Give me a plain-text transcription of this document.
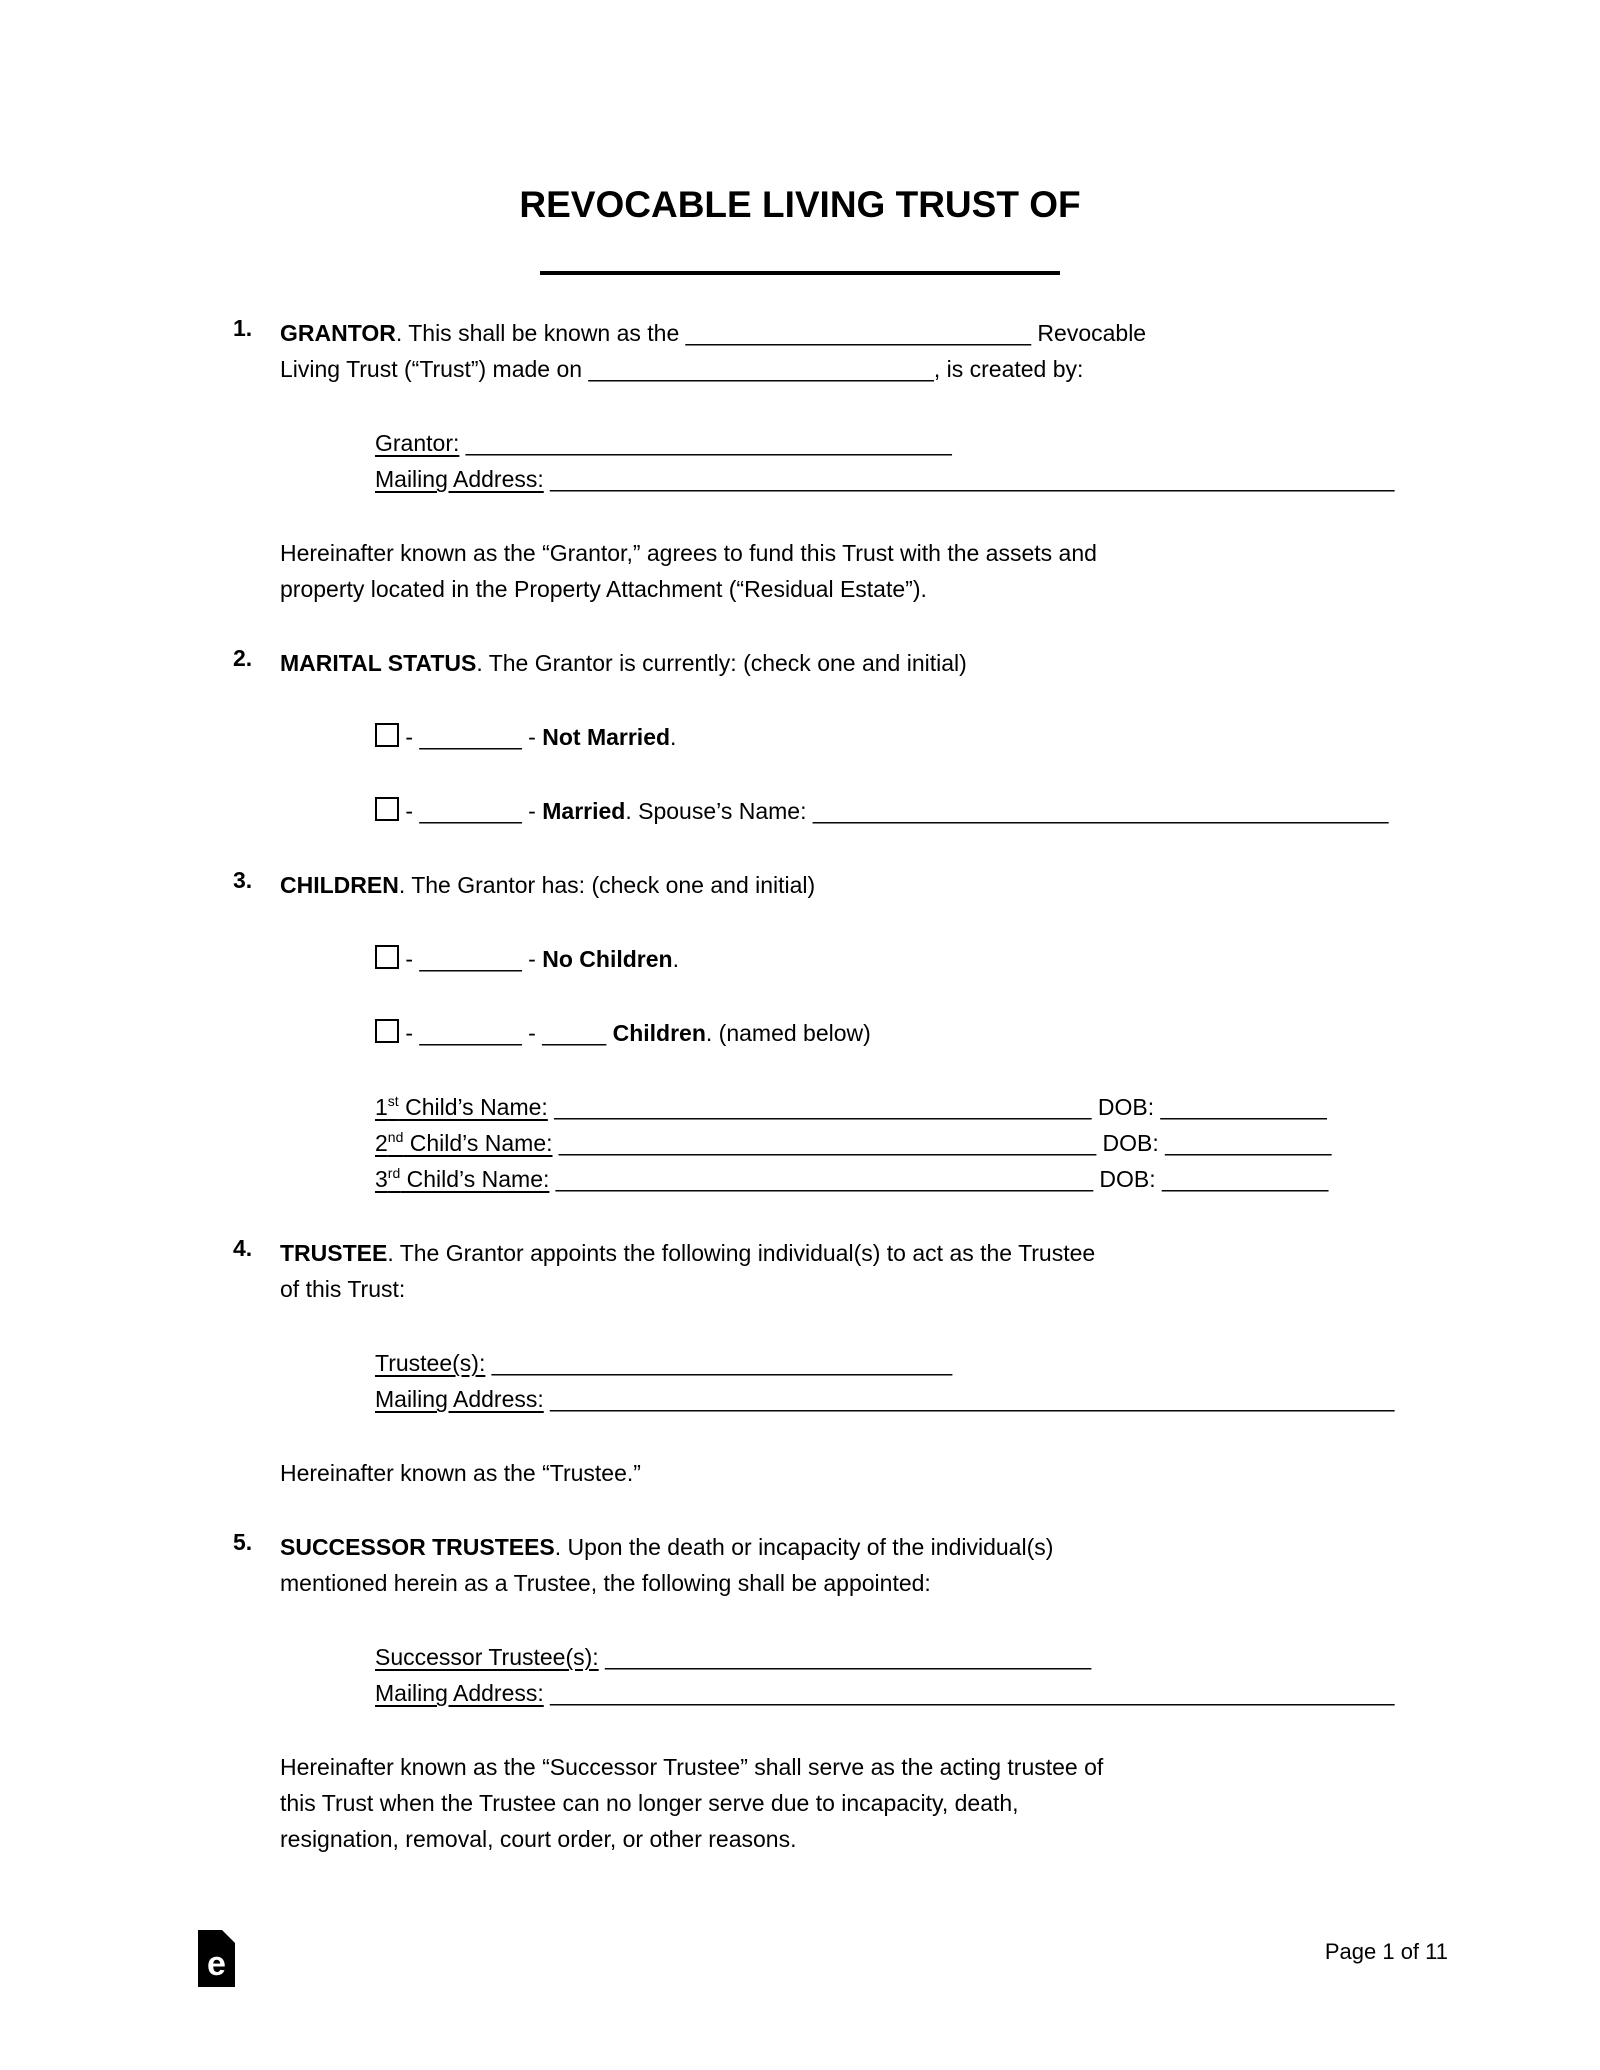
REVOCABLE LIVING TRUST OF
1.	GRANTOR. This shall be known as the ___________________________ Revocable
Living Trust (“Trust”) made on ___________________________, is created by:
Grantor: ______________________________________
Mailing Address: __________________________________________________________________
Hereinafter known as the “Grantor,” agrees to fund this Trust with the assets and
property located in the Property Attachment (“Residual Estate”).
2.	MARITAL STATUS. The Grantor is currently: (check one and initial)
- ________ - Not Married.
- ________ - Married. Spouse’s Name: _____________________________________________
3.	CHILDREN. The Grantor has: (check one and initial)
- ________ - No Children.
- ________ - _____ Children. (named below)
1st Child’s Name: __________________________________________ DOB: _____________
2nd Child’s Name: __________________________________________ DOB: _____________
3rd Child’s Name: __________________________________________ DOB: _____________
4.	TRUSTEE. The Grantor appoints the following individual(s) to act as the Trustee
of this Trust:
Trustee(s): ____________________________________
Mailing Address: __________________________________________________________________
Hereinafter known as the “Trustee.”
5.	SUCCESSOR TRUSTEES. Upon the death or incapacity of the individual(s)
mentioned herein as a Trustee, the following shall be appointed:
Successor Trustee(s): ______________________________________
Mailing Address: __________________________________________________________________
Hereinafter known as the “Successor Trustee” shall serve as the acting trustee of
this Trust when the Trustee can no longer serve due to incapacity, death,
resignation, removal, court order, or other reasons.
e	Page 1 of 11
